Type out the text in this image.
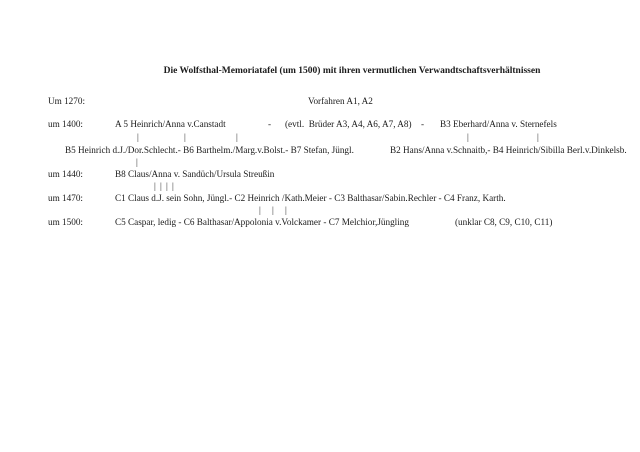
Die Wolfsthal-Memoriatafel (um 1500) mit ihren vermutlichen Verwandtschaftsverhältnissen
Um 1270:	Vorfahren A1, A2
um 1400:	A 5 Heinrich/Anna v.Canstadt	- (evtl.  Brüder A3, A4, A6, A7, A8) - B3 Eberhard/Anna v. Sternefels
|	|	|	|	|
B5 Heinrich d.J./Dor.Schlecht.- B6 Barthelm./Marg.v.Bolst.- B7 Stefan, Jüngl.	B2 Hans/Anna v.Schnaitb,- B4 Heinrich/Sibilla Berl.v.Dinkelsb.
|
um 1440:	B8 Claus/Anna v. Sandüch/Ursula Streußin
| | | |
um 1470:	C1 Claus d.J. sein Sohn, Jüngl.- C2 Heinrich /Kath.Meier - C3 Balthasar/Sabin.Rechler - C4 Franz, Karth.
| | |
um 1500:	C5 Caspar, ledig - C6 Balthasar/Appolonia v.Volckamer - C7 Melchior,Jüngling	(unklar C8, C9, C10, C11)
